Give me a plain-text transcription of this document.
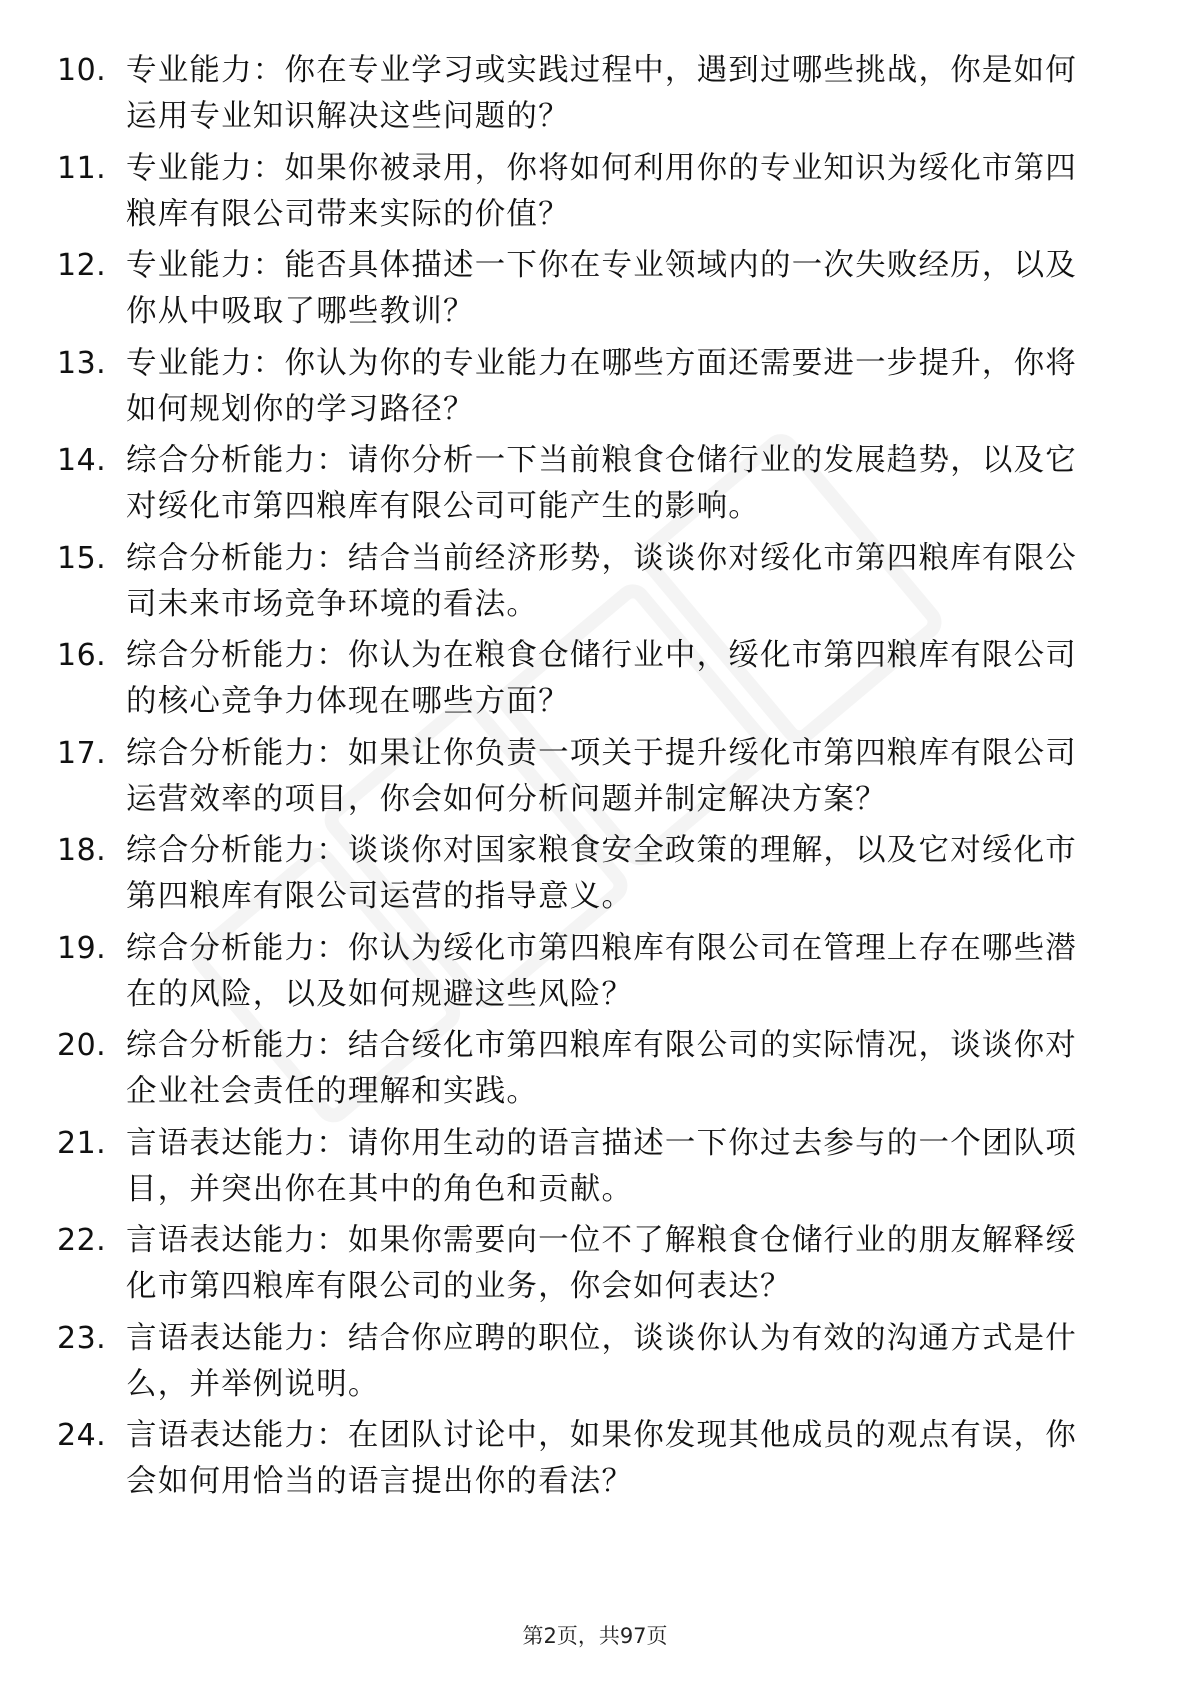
10. 专业能力：你在专业学习或实践过程中，遇到过哪些挑战，你是如何运用专业知识解决这些问题的？
11. 专业能力：如果你被录用，你将如何利用你的专业知识为绥化市第四粮库有限公司带来实际的价值？
12. 专业能力：能否具体描述一下你在专业领域内的一次失败经历，以及你从中吸取了哪些教训？
13. 专业能力：你认为你的专业能力在哪些方面还需要进一步提升，你将如何规划你的学习路径？
14. 综合分析能力：请你分析一下当前粮食仓储行业的发展趋势，以及它对绥化市第四粮库有限公司可能产生的影响。
15. 综合分析能力：结合当前经济形势，谈谈你对绥化市第四粮库有限公司未来市场竞争环境的看法。
16. 综合分析能力：你认为在粮食仓储行业中，绥化市第四粮库有限公司的核心竞争力体现在哪些方面？
17. 综合分析能力：如果让你负责一项关于提升绥化市第四粮库有限公司运营效率的项目，你会如何分析问题并制定解决方案？
18. 综合分析能力：谈谈你对国家粮食安全政策的理解，以及它对绥化市第四粮库有限公司运营的指导意义。
19. 综合分析能力：你认为绥化市第四粮库有限公司在管理上存在哪些潜在的风险，以及如何规避这些风险？
20. 综合分析能力：结合绥化市第四粮库有限公司的实际情况，谈谈你对企业社会责任的理解和实践。
21. 言语表达能力：请你用生动的语言描述一下你过去参与的一个团队项目，并突出你在其中的角色和贡献。
22. 言语表达能力：如果你需要向一位不了解粮食仓储行业的朋友解释绥化市第四粮库有限公司的业务，你会如何表达？
23. 言语表达能力：结合你应聘的职位，谈谈你认为有效的沟通方式是什么，并举例说明。
24. 言语表达能力：在团队讨论中，如果你发现其他成员的观点有误，你会如何用恰当的语言提出你的看法？
第2页，共97页
